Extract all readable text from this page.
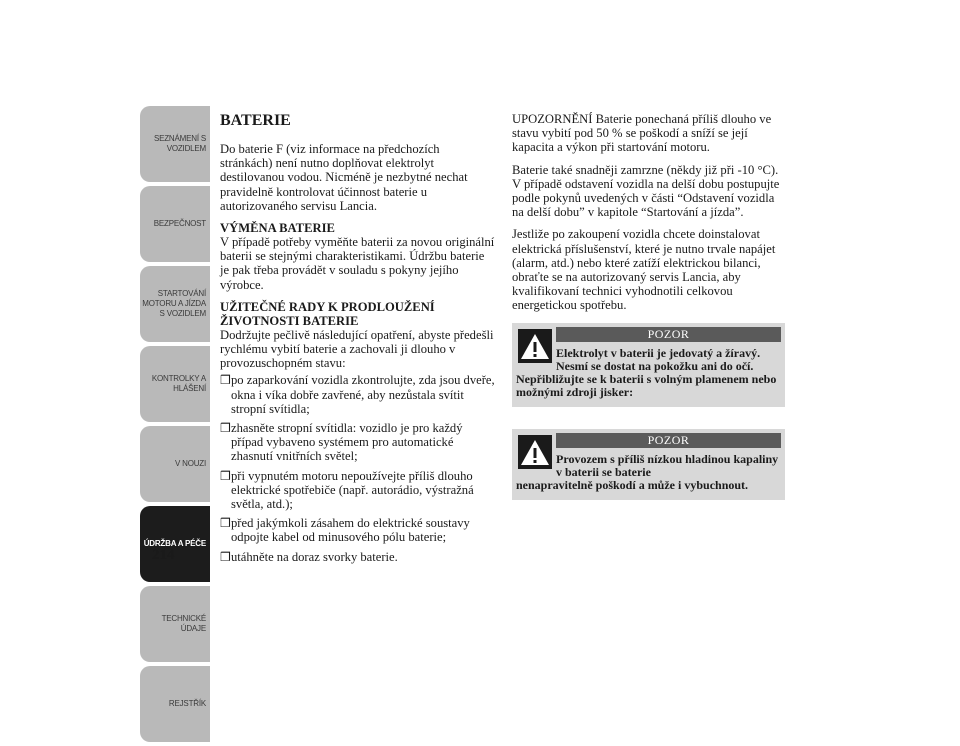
SEZNÁMENÍ S
VOZIDLEM
BEZPEČNOST
STARTOVÁNÍ
MOTORU A JÍZDA
S VOZIDLEM
KONTROLKY A
HLÁŠENÍ
V NOUZI
ÚDRŽBA A PÉČE
TECHNICKÉ
ÚDAJE
REJSTŘÍK
214
BATERIE

Do baterie F (viz informace na předchozích stránkách) není nutno doplňovat elektrolyt destilovanou vodou. Nicméně je nezbytné nechat pravidelně kontrolovat účinnost baterie u autorizovaného servisu Lancia.

VÝMĚNA BATERIE

V případě potřeby vyměňte baterii za novou originální baterii se stejnými charakteristikami. Údržbu baterie je pak třeba provádět v souladu s pokyny jejího výrobce.

UŽITEČNÉ RADY K PRODLOUŽENÍ ŽIVOTNOSTI BATERIE

Dodržujte pečlivě následující opatření, abyste předešli rychlému vybití baterie a zachovali ji dlouho v provozuschopném stavu:

❒ po zaparkování vozidla zkontrolujte, zda jsou dveře, okna i víka dobře zavřené, aby nezůstala svítit stropní svítidla;
❒ zhasněte stropní svítidla: vozidlo je pro každý případ vybaveno systémem pro automatické zhasnutí vnitřních světel;
❒ při vypnutém motoru nepoužívejte příliš dlouho elektrické spotřebiče (např. autorádio, výstražná světla, atd.);
❒ před jakýmkoli zásahem do elektrické soustavy odpojte kabel od minusového pólu baterie;
❒ utáhněte na doraz svorky baterie.

UPOZORNĚNÍ Baterie ponechaná příliš dlouho ve stavu vybití pod 50 % se poškodí a sníží se její kapacita a výkon při startování motoru.

Baterie také snadněji zamrzne (někdy již při -10 °C). V případě odstavení vozidla na delší dobu postupujte podle pokynů uvedených v části “Odstavení vozidla na delší dobu” v kapitole “Startování a jízda”.

Jestliže po zakoupení vozidla chcete doinstalovat elektrická příslušenství, které je nutno trvale napájet (alarm, atd.) nebo které zatíží elektrickou bilanci, obraťte se na autorizovaný servis Lancia, aby kvalifikovaní technici vyhodnotili celkovou energetickou spotřebu.

POZOR
Elektrolyt v baterii je jedovatý a žíravý. Nesmí se dostat na pokožku ani do očí.
Nepřibližujte se k baterii s volným plamenem nebo možnými zdroji jisker:
POZOR
Provozem s příliš nízkou hladinou kapaliny v baterii se baterie
nenapravitelně poškodí a může i vybuchnout.
